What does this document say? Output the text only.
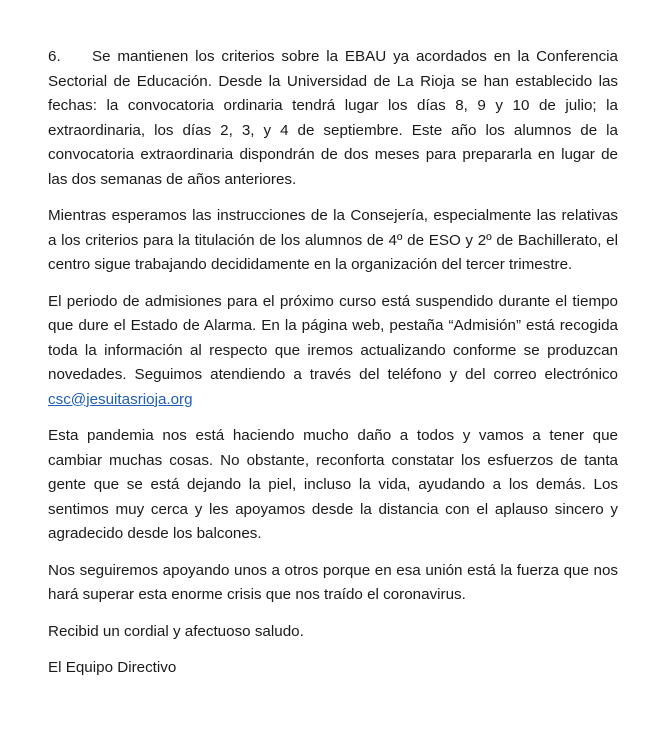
6. Se mantienen los criterios sobre la EBAU ya acordados en la Conferencia Sectorial de Educación. Desde la Universidad de La Rioja se han establecido las fechas: la convocatoria ordinaria tendrá lugar los días 8, 9 y 10 de julio; la extraordinaria, los días 2, 3, y 4 de septiembre. Este año los alumnos de la convocatoria extraordinaria dispondrán de dos meses para prepararla en lugar de las dos semanas de años anteriores.

Mientras esperamos las instrucciones de la Consejería, especialmente las relativas a los criterios para la titulación de los alumnos de 4º de ESO y 2º de Bachillerato, el centro sigue trabajando decididamente en la organización del tercer trimestre.

El periodo de admisiones para el próximo curso está suspendido durante el tiempo que dure el Estado de Alarma. En la página web, pestaña “Admisión” está recogida toda la información al respecto que iremos actualizando conforme se produzcan novedades. Seguimos atendiendo a través del teléfono y del correo electrónico csc@jesuitasrioja.org

Esta pandemia nos está haciendo mucho daño a todos y vamos a tener que cambiar muchas cosas. No obstante, reconforta constatar los esfuerzos de tanta gente que se está dejando la piel, incluso la vida, ayudando a los demás. Los sentimos muy cerca y les apoyamos desde la distancia con el aplauso sincero y agradecido desde los balcones.

Nos seguiremos apoyando unos a otros porque en esa unión está la fuerza que nos hará superar esta enorme crisis que nos traído el coronavirus.

Recibid un cordial y afectuoso saludo.

El Equipo Directivo
